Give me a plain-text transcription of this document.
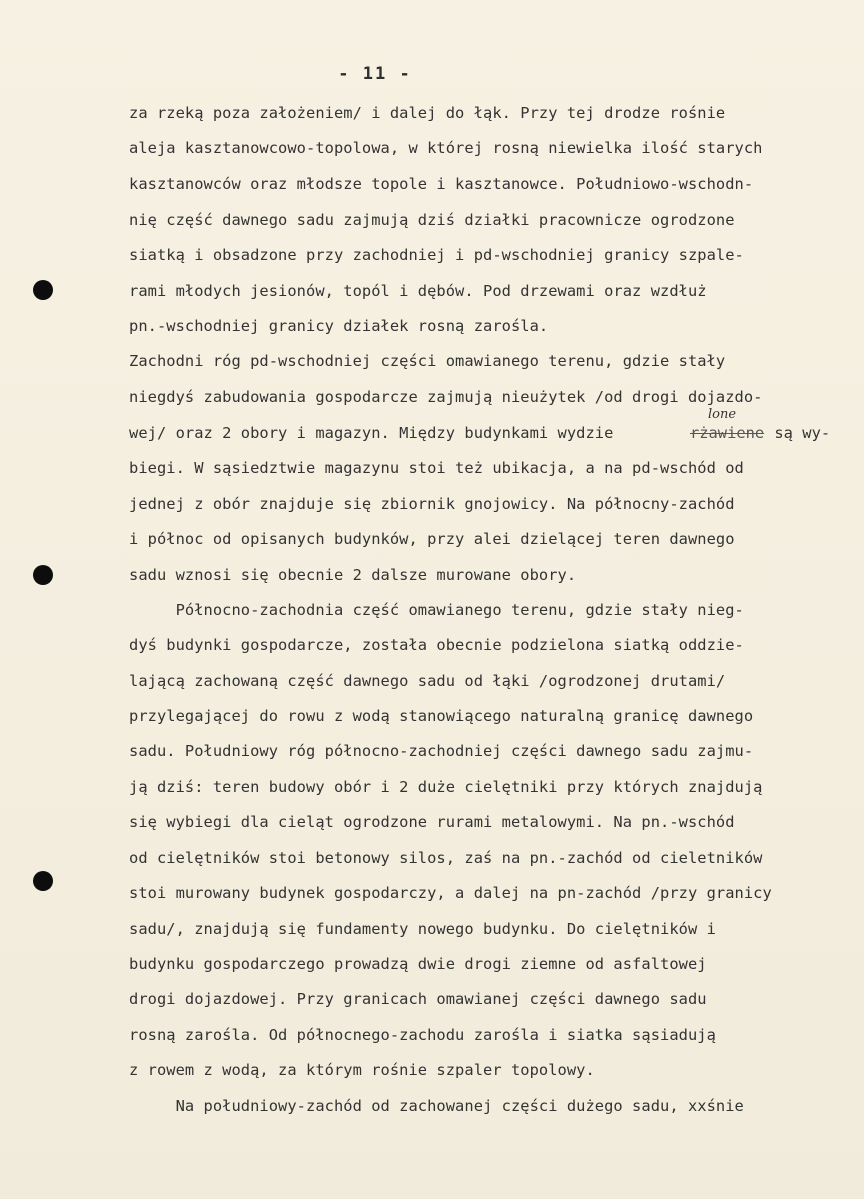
- 11 -
za rzeką poza założeniem/ i dalej do łąk. Przy tej drodze rośnie
aleja kasztanowcowo-topolowa, w której rosną niewielka ilość starych
kasztanowców oraz młodsze topole i kasztanowce. Południowo-wschodn-
nię część dawnego sadu zajmują dziś działki pracownicze ogrodzone
siatką i obsadzone przy zachodniej i pd-wschodniej granicy szpale-
rami młodych jesionów, topól i dębów. Pod drzewami oraz wzdłuż
pn.-wschodniej granicy działek rosną zarośla.
Zachodni róg pd-wschodniej części omawianego terenu, gdzie stały
niegdyś zabudowania gospodarcze zajmują nieużytek /od drogi dojazdo-
wej/ oraz 2 obory i magazyn. Między budynkami wydzie	rżawiene są wy-
lone
biegi. W sąsiedztwie magazynu stoi też ubikacja, a na pd-wschód od
jednej z obór znajduje się zbiornik gnojowicy. Na północny-zachód
i północ od opisanych budynków, przy alei dzielącej teren dawnego
sadu wznosi się obecnie 2 dalsze murowane obory.
Północno-zachodnia część omawianego terenu, gdzie stały nieg-
dyś budynki gospodarcze, została obecnie podzielona siatką oddzie-
lającą zachowaną część dawnego sadu od łąki /ogrodzonej drutami/
przylegającej do rowu z wodą stanowiącego naturalną granicę dawnego
sadu. Południowy róg północno-zachodniej części dawnego sadu zajmu-
ją dziś: teren budowy obór i 2 duże cielętniki przy których znajdują
się wybiegi dla cieląt ogrodzone rurami metalowymi. Na pn.-wschód
od cielętników stoi betonowy silos, zaś na pn.-zachód od cieletników
stoi murowany budynek gospodarczy, a dalej na pn-zachód /przy granicy
sadu/, znajdują się fundamenty nowego budynku. Do cielętników i
budynku gospodarczego prowadzą dwie drogi ziemne od asfaltowej
drogi dojazdowej. Przy granicach omawianej części dawnego sadu
rosną zarośla. Od północnego-zachodu zarośla i siatka sąsiadują
z rowem z wodą, za którym rośnie szpaler topolowy.
Na południowy-zachód od zachowanej części dużego sadu, xxśnie
